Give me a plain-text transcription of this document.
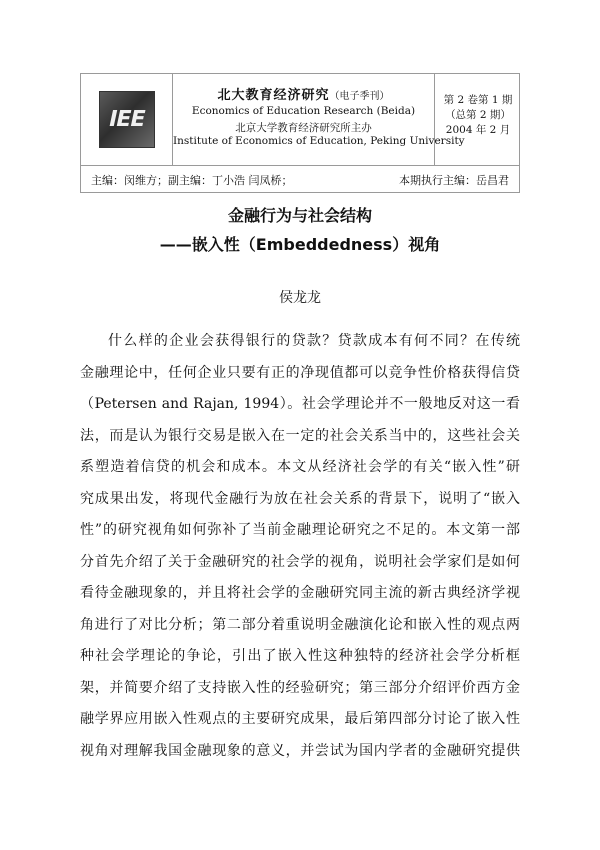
IEE
北大教育经济研究（电子季刊）
Economics of Education Research (Beida)
北京大学教育经济研究所主办
Institute of Economics of Education, Peking University
第 2 卷第 1 期
（总第 2 期）
2004 年 2 月
主编：闵维方；副主编：丁小浩 闫凤桥；	本期执行主编：岳昌君
金融行为与社会结构
——嵌入性（Embeddedness）视角
侯龙龙
什么样的企业会获得银行的贷款？贷款成本有何不同？在传统
金融理论中，任何企业只要有正的净现值都可以竞争性价格获得信贷
（Petersen and Rajan, 1994）。社会学理论并不一般地反对这一看
法，而是认为银行交易是嵌入在一定的社会关系当中的，这些社会关
系塑造着信贷的机会和成本。本文从经济社会学的有关“嵌入性”研
究成果出发，将现代金融行为放在社会关系的背景下，说明了“嵌入
性”的研究视角如何弥补了当前金融理论研究之不足的。本文第一部
分首先介绍了关于金融研究的社会学的视角，说明社会学家们是如何
看待金融现象的，并且将社会学的金融研究同主流的新古典经济学视
角进行了对比分析；第二部分着重说明金融演化论和嵌入性的观点两
种社会学理论的争论，引出了嵌入性这种独特的经济社会学分析框
架，并简要介绍了支持嵌入性的经验研究；第三部分介绍评价西方金
融学界应用嵌入性观点的主要研究成果，最后第四部分讨论了嵌入性
视角对理解我国金融现象的意义，并尝试为国内学者的金融研究提供
